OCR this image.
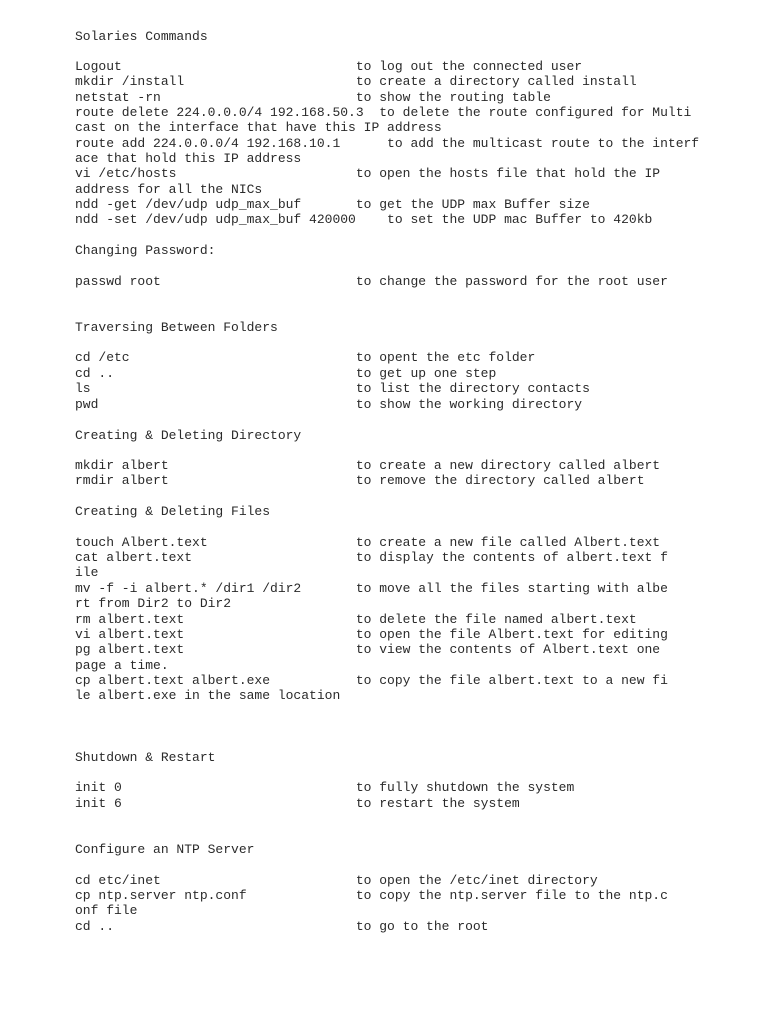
Solaries Commands
Logout                              to log out the connected user
mkdir /install                      to create a directory called install
netstat -rn                         to show the routing table
route delete 224.0.0.0/4 192.168.50.3  to delete the route configured for Multi
cast on the interface that have this IP address
route add 224.0.0.0/4 192.168.10.1      to add the multicast route to the interf
ace that hold this IP address
vi /etc/hosts                       to open the hosts file that hold the IP
address for all the NICs
ndd -get /dev/udp udp_max_buf       to get the UDP max Buffer size
ndd -set /dev/udp udp_max_buf 420000    to set the UDP mac Buffer to 420kb
Changing Password:
passwd root                         to change the password for the root user
Traversing Between Folders
cd /etc                             to opent the etc folder
cd ..                               to get up one step
ls                                  to list the directory contacts
pwd                                 to show the working directory
Creating & Deleting Directory
mkdir albert                        to create a new directory called albert
rmdir albert                        to remove the directory called albert
Creating & Deleting Files
touch Albert.text                   to create a new file called Albert.text
cat albert.text                     to display the contents of albert.text f
ile
mv -f -i albert.* /dir1 /dir2       to move all the files starting with albe
rt from Dir2 to Dir2
rm albert.text                      to delete the file named albert.text
vi albert.text                      to open the file Albert.text for editing
pg albert.text                      to view the contents of Albert.text one
page a time.
cp albert.text albert.exe           to copy the file albert.text to a new fi
le albert.exe in the same location
Shutdown & Restart
init 0                              to fully shutdown the system
init 6                              to restart the system
Configure an NTP Server
cd etc/inet                         to open the /etc/inet directory
cp ntp.server ntp.conf              to copy the ntp.server file to the ntp.c
onf file
cd ..                               to go to the root
